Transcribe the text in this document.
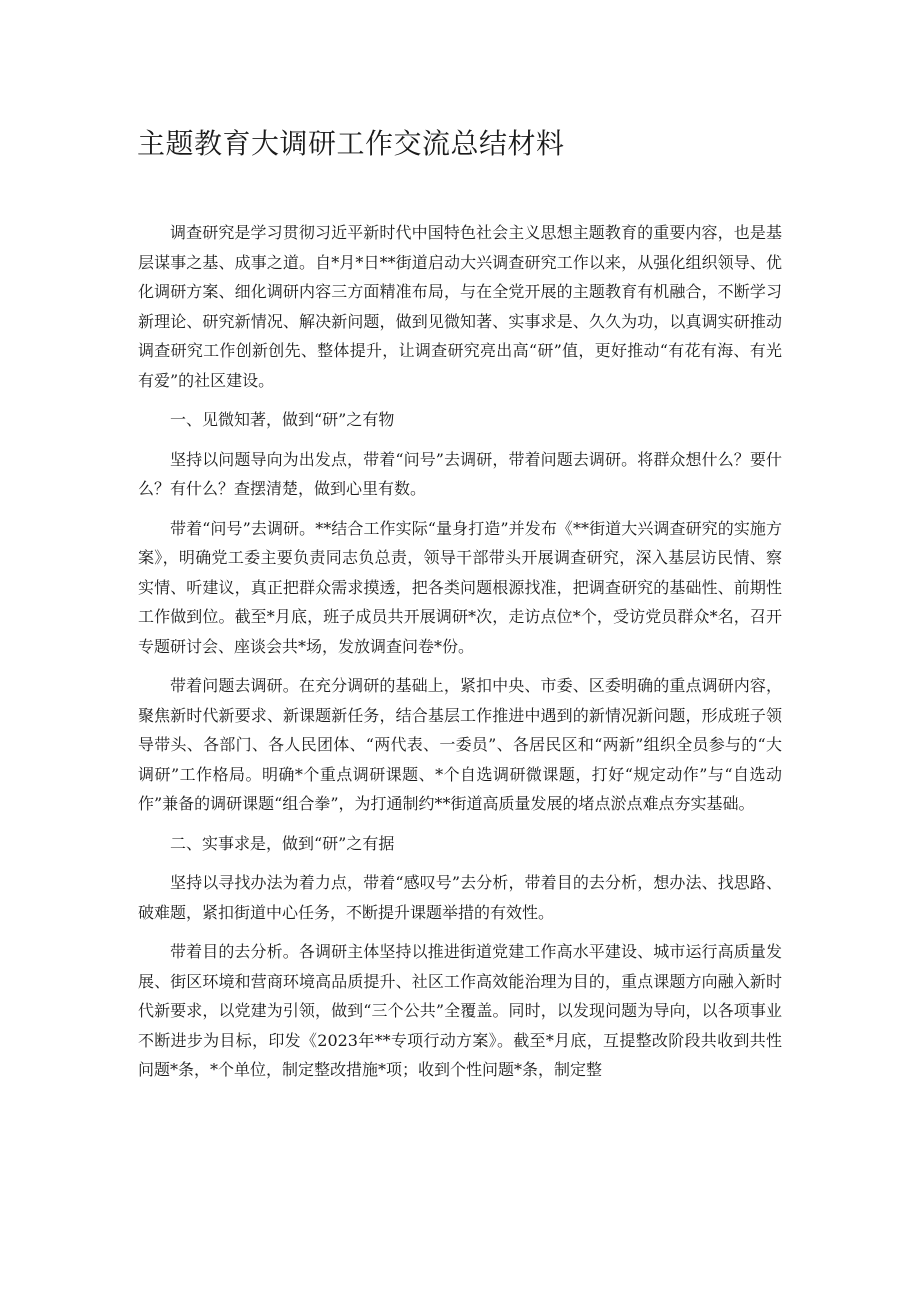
主题教育大调研工作交流总结材料

调查研究是学习贯彻习近平新时代中国特色社会主义思想主题教育的重要内容，也是基层谋事之基、成事之道。自*月*日**街道启动大兴调查研究工作以来，从强化组织领导、优化调研方案、细化调研内容三方面精准布局，与在全党开展的主题教育有机融合，不断学习新理论、研究新情况、解决新问题，做到见微知著、实事求是、久久为功，以真调实研推动调查研究工作创新创先、整体提升，让调查研究亮出高“研”值，更好推动“有花有海、有光有爱”的社区建设。

一、见微知著，做到“研”之有物

坚持以问题导向为出发点，带着“问号”去调研，带着问题去调研。将群众想什么？要什么？有什么？查摆清楚，做到心里有数。

带着“问号”去调研。**结合工作实际“量身打造”并发布《**街道大兴调查研究的实施方案》，明确党工委主要负责同志负总责，领导干部带头开展调查研究，深入基层访民情、察实情、听建议，真正把群众需求摸透，把各类问题根源找准，把调查研究的基础性、前期性工作做到位。截至*月底，班子成员共开展调研*次，走访点位*个，受访党员群众*名，召开专题研讨会、座谈会共*场，发放调查问卷*份。

带着问题去调研。在充分调研的基础上，紧扣中央、市委、区委明确的重点调研内容，聚焦新时代新要求、新课题新任务，结合基层工作推进中遇到的新情况新问题，形成班子领导带头、各部门、各人民团体、“两代表、一委员”、各居民区和“两新”组织全员参与的“大调研”工作格局。明确*个重点调研课题、*个自选调研微课题，打好“规定动作”与“自选动作”兼备的调研课题“组合拳”，为打通制约**街道高质量发展的堵点淤点难点夯实基础。

二、实事求是，做到“研”之有据

坚持以寻找办法为着力点，带着“感叹号”去分析，带着目的去分析，想办法、找思路、破难题，紧扣街道中心任务，不断提升课题举措的有效性。

带着目的去分析。各调研主体坚持以推进街道党建工作高水平建设、城市运行高质量发展、街区环境和营商环境高品质提升、社区工作高效能治理为目的，重点课题方向融入新时代新要求，以党建为引领，做到“三个公共”全覆盖。同时，以发现问题为导向，以各项事业不断进步为目标，印发《2023年**专项行动方案》。截至*月底，互提整改阶段共收到共性问题*条，*个单位，制定整改措施*项；收到个性问题*条，制定整
